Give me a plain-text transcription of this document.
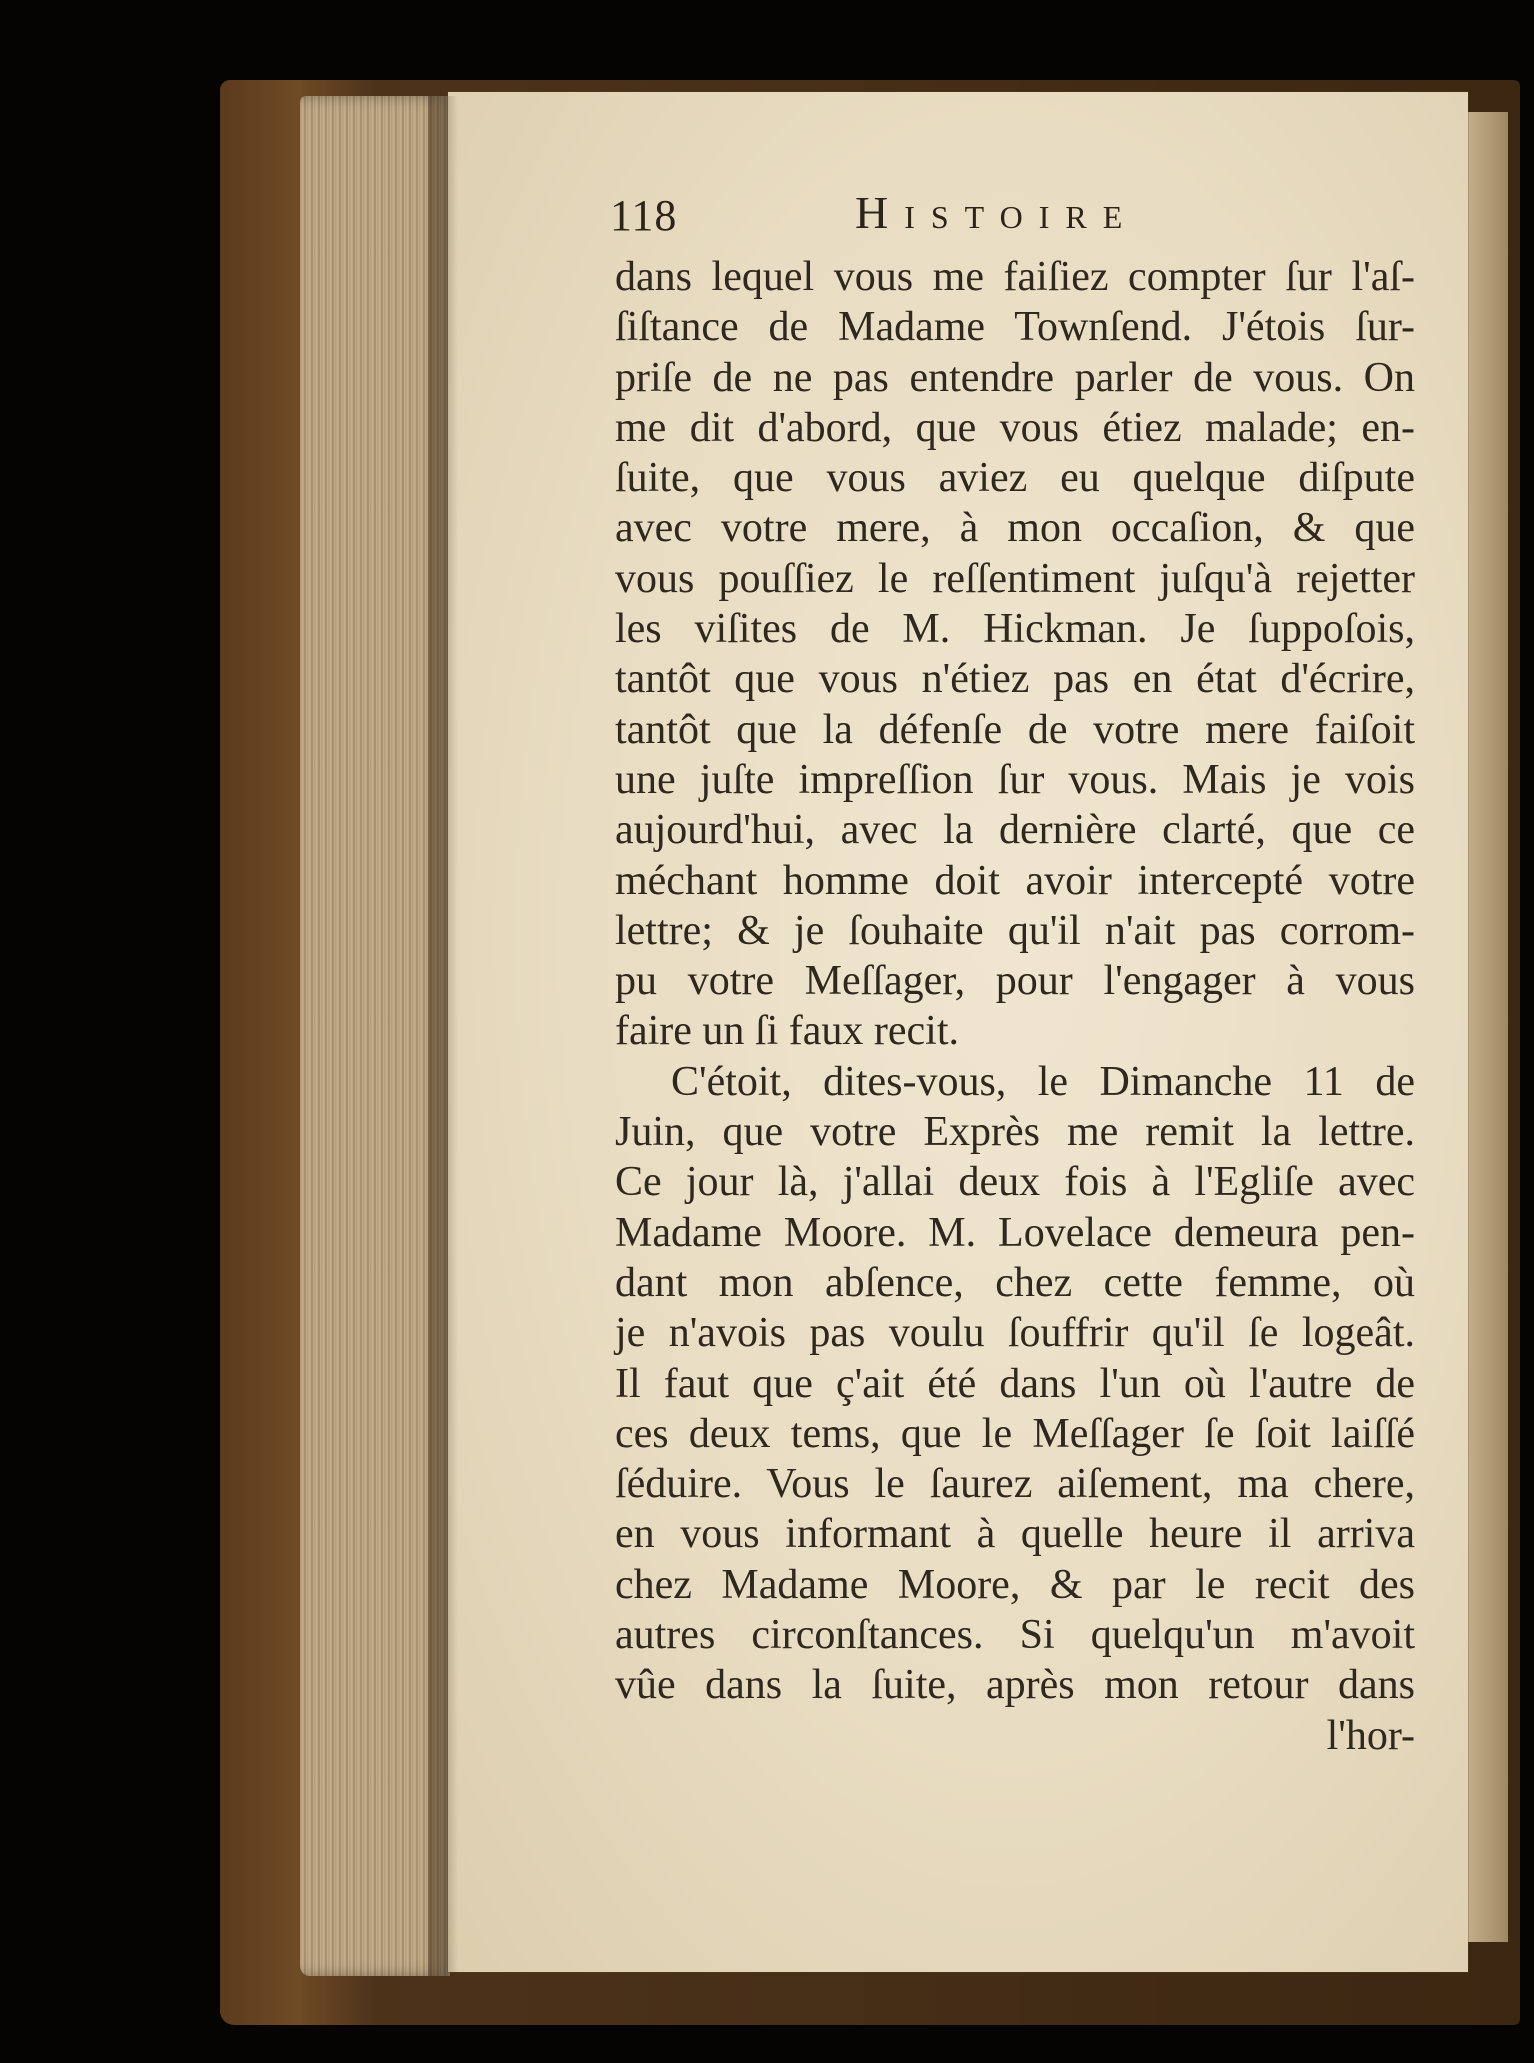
118	Histoire
dans lequel vous me faiſiez compter ſur l'aſ-
ſiſtance de Madame Townſend. J'étois ſur-
priſe de ne pas entendre parler de vous. On
me dit d'abord, que vous étiez malade; en-
ſuite, que vous aviez eu quelque diſpute
avec votre mere, à mon occaſion, & que
vous pouſſiez le reſſentiment juſqu'à rejetter
les viſites de M. Hickman. Je ſuppoſois,
tantôt que vous n'étiez pas en état d'écrire,
tantôt que la défenſe de votre mere faiſoit
une juſte impreſſion ſur vous. Mais je vois
aujourd'hui, avec la dernière clarté, que ce
méchant homme doit avoir intercepté votre
lettre; & je ſouhaite qu'il n'ait pas corrom-
pu votre Meſſager, pour l'engager à vous
faire un ſi faux recit.
C'étoit, dites-vous, le Dimanche 11 de
Juin, que votre Exprès me remit la lettre.
Ce jour là, j'allai deux fois à l'Egliſe avec
Madame Moore. M. Lovelace demeura pen-
dant mon abſence, chez cette femme, où
je n'avois pas voulu ſouffrir qu'il ſe logeât.
Il faut que ç'ait été dans l'un où l'autre de
ces deux tems, que le Meſſager ſe ſoit laiſſé
ſéduire. Vous le ſaurez aiſement, ma chere,
en vous informant à quelle heure il arriva
chez Madame Moore, & par le recit des
autres circonſtances. Si quelqu'un m'avoit
vûe dans la ſuite, après mon retour dans
l'hor-
